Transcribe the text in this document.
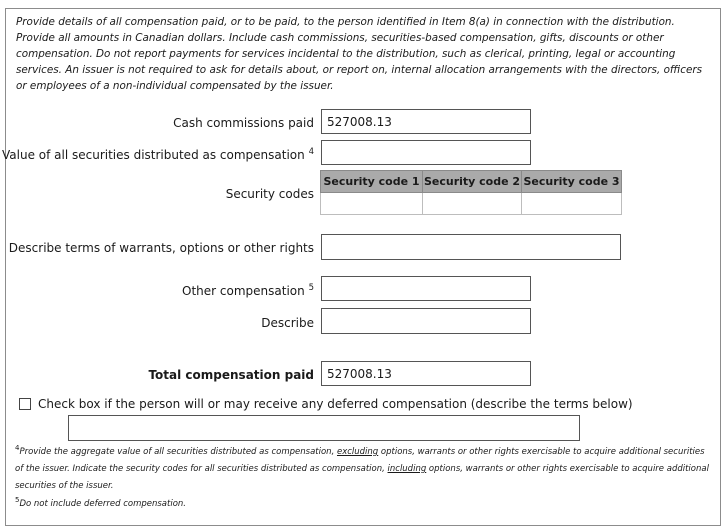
Provide details of all compensation paid, or to be paid, to the person identified in Item 8(a) in connection with the distribution.
Provide all amounts in Canadian dollars. Include cash commissions, securities-based compensation, gifts, discounts or other
compensation. Do not report payments for services incidental to the distribution, such as clerical, printing, legal or accounting
services. An issuer is not required to ask for details about, or report on, internal allocation arrangements with the directors, officers
or employees of a non-individual compensated by the issuer.
Cash commissions paid	527008.13
Value of all securities distributed as compensation $^4$
Security codes
Security code 1	Security code 2	Security code 3

Describe terms of warrants, options or other rights
Other compensation $^5$
Describe
Total compensation paid	527008.13
Check box if the person will or may receive any deferred compensation (describe the terms below)
$^4$Provide the aggregate value of all securities distributed as compensation, excluding options, warrants or other rights exercisable to acquire additional securities of the issuer. Indicate the security codes for all securities distributed as compensation, including options, warrants or other rights exercisable to acquire additional securities of the issuer.
$^5$Do not include deferred compensation.
